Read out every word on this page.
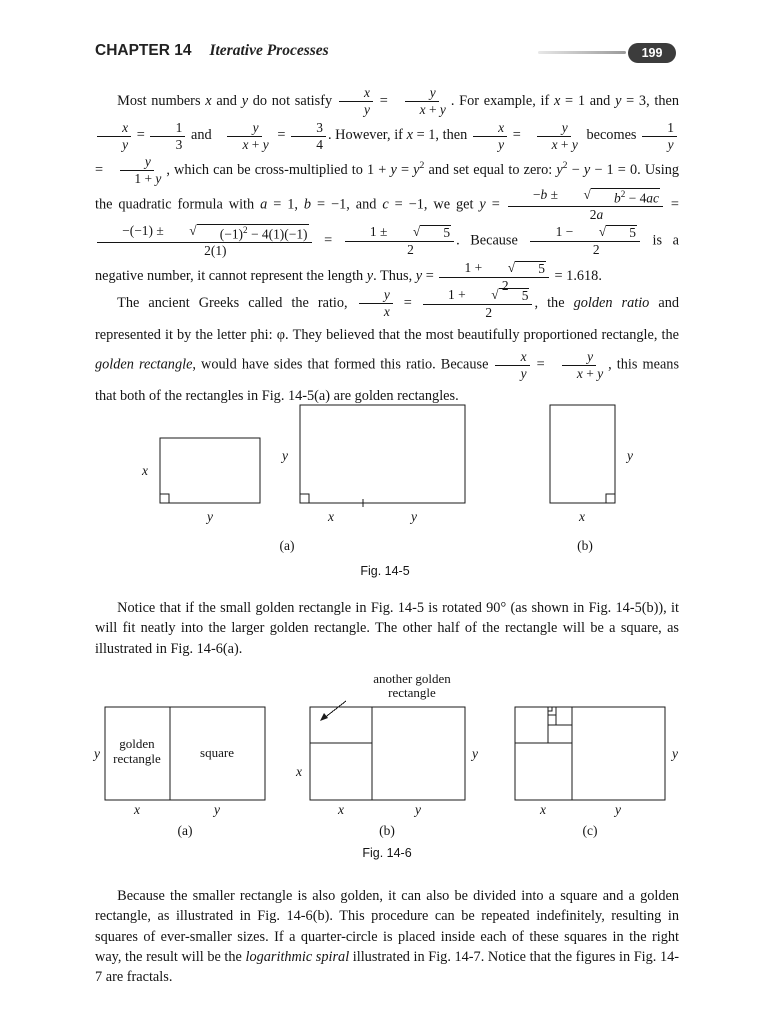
CHAPTER 14 Iterative Processes	199
Most numbers x and y do not satisfy $\frac{x}{y} = \frac{y}{x + y}$ . For example, if x = 1 and y = 3, then
$\frac{x}{y} = \frac{1}{3}$ and $\frac{y}{x + y} = \frac{3}{4}$ . However, if x = 1, then $\frac{x}{y} = \frac{y}{x + y}$ becomes $\frac{1}{y}$
= $\frac{y}{1 + y}$ , which can be cross-multiplied to $1 + y = y^2$ and set equal to zero: $y^2 - y - 1 = 0$. Using the quadratic formula with a = 1, b = −1, and c = −1, we get y = −b ±	√	$b^2 - 4ac$
2a =
−(−1) ±	√	$(-1)^2 - 4(1)(-1)$
2(1) = 1 ±	√	5
2 . Because 1 −	√	5
2 is a negative number, it cannot represent the length y. Thus, y = 1 +	√	5
2 = 1.618.
The ancient Greeks called the ratio, $\frac{y}{x} = 1$ +	√	5
2 , the golden ratio and represented it by the letter phi: φ. They believed that the most beautifully proportioned rectangle, the golden rectangle, would have sides that formed this ratio. Because $\frac{x}{y} = \frac{y}{x + y}$ , this means that both of the rectangles in Fig. 14-5(a) are golden rectangles.
x
y
y
x	y
y
x
(a)	(b)
Fig. 14-5
Notice that if the small golden rectangle in Fig. 14-5 is rotated 90° (as shown in Fig. 14-5(b)), it will fit neatly into the larger golden rectangle. The other half of the rectangle will be a square, as illustrated in Fig. 14-6(a).
another golden
rectangle
golden
rectangle	square
y
x	y
(a)
x
y
x	y
(b)
y
x	y
(c)
Fig. 14-6
Because the smaller rectangle is also golden, it can also be divided into a square and a golden rectangle, as illustrated in Fig. 14-6(b). This procedure can be repeated indefinitely, resulting in squares of ever-smaller sizes. If a quarter-circle is placed inside each of these squares in the right way, the result will be the logarithmic spiral illustrated in Fig. 14-7. Notice that the figures in Fig. 14-7 are fractals.
